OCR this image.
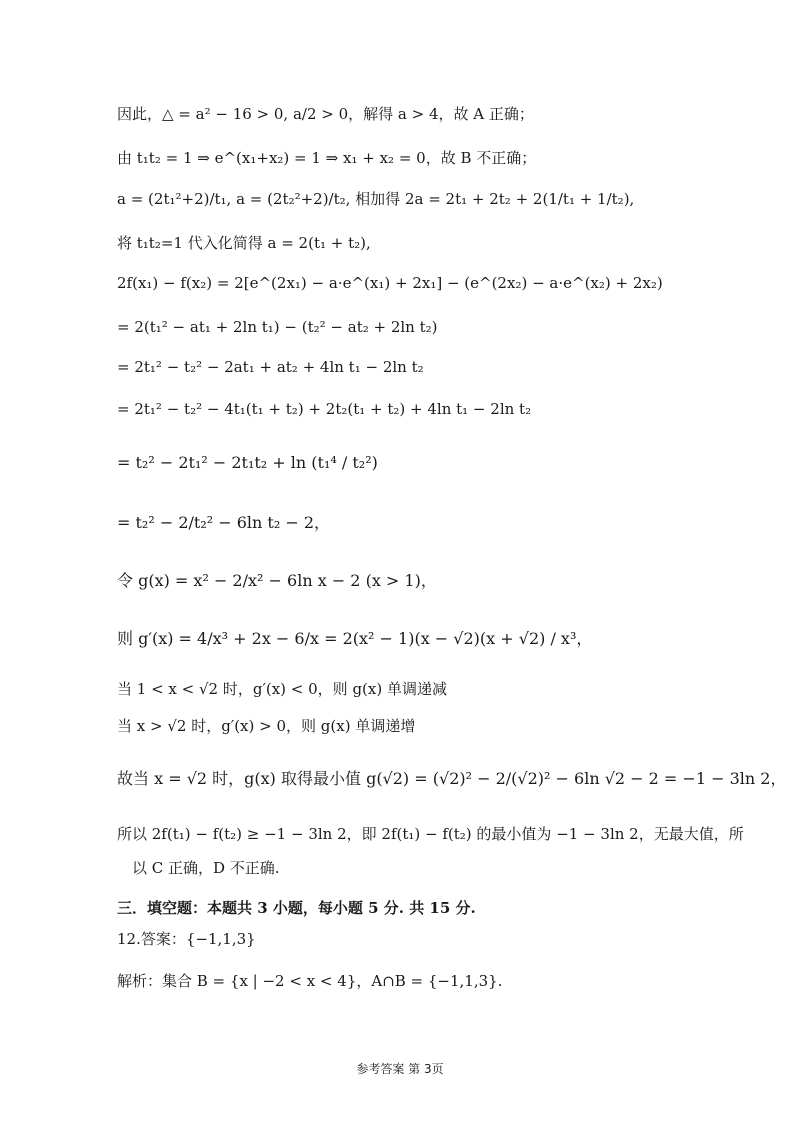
因此，△ = a² − 16 > 0, a/2 > 0，解得 a > 4，故 A 正确；
由 t₁t₂ = 1 ⇒ e^(x₁+x₂) = 1 ⇒ x₁ + x₂ = 0，故 B 不正确；
a = (2t₁²+2)/t₁, a = (2t₂²+2)/t₂, 相加得 2a = 2t₁ + 2t₂ + 2(1/t₁ + 1/t₂),
将 t₁t₂=1 代入化简得 a = 2(t₁ + t₂),
2f(x₁) − f(x₂) = 2[e^(2x₁) − a·e^(x₁) + 2x₁] − (e^(2x₂) − a·e^(x₂) + 2x₂)
= 2(t₁² − at₁ + 2ln t₁) − (t₂² − at₂ + 2ln t₂)
= 2t₁² − t₂² − 2at₁ + at₂ + 4ln t₁ − 2ln t₂
= 2t₁² − t₂² − 4t₁(t₁ + t₂) + 2t₂(t₁ + t₂) + 4ln t₁ − 2ln t₂
= t₂² − 2t₁² − 2t₁t₂ + ln (t₁⁴ / t₂²)
= t₂² − 2/t₂² − 6ln t₂ − 2，
令 g(x) = x² − 2/x² − 6ln x − 2 (x > 1)，
则 g′(x) = 4/x³ + 2x − 6/x = 2(x² − 1)(x − √2)(x + √2) / x³，
当 1 < x < √2 时，g′(x) < 0，则 g(x) 单调递减
当 x > √2 时，g′(x) > 0，则 g(x) 单调递增
故当 x = √2 时，g(x) 取得最小值 g(√2) = (√2)² − 2/(√2)² − 6ln √2 − 2 = −1 − 3ln 2，
所以 2f(t₁) − f(t₂) ≥ −1 − 3ln 2，即 2f(t₁) − f(t₂) 的最小值为 −1 − 3ln 2，无最大值，所
以 C 正确，D 不正确.
三．填空题：本题共 3 小题，每小题 5 分. 共 15 分.
12.答案：{−1,1,3}
解析：集合 B = {x | −2 < x < 4}，A∩B = {−1,1,3}.
参考答案 第 3页
